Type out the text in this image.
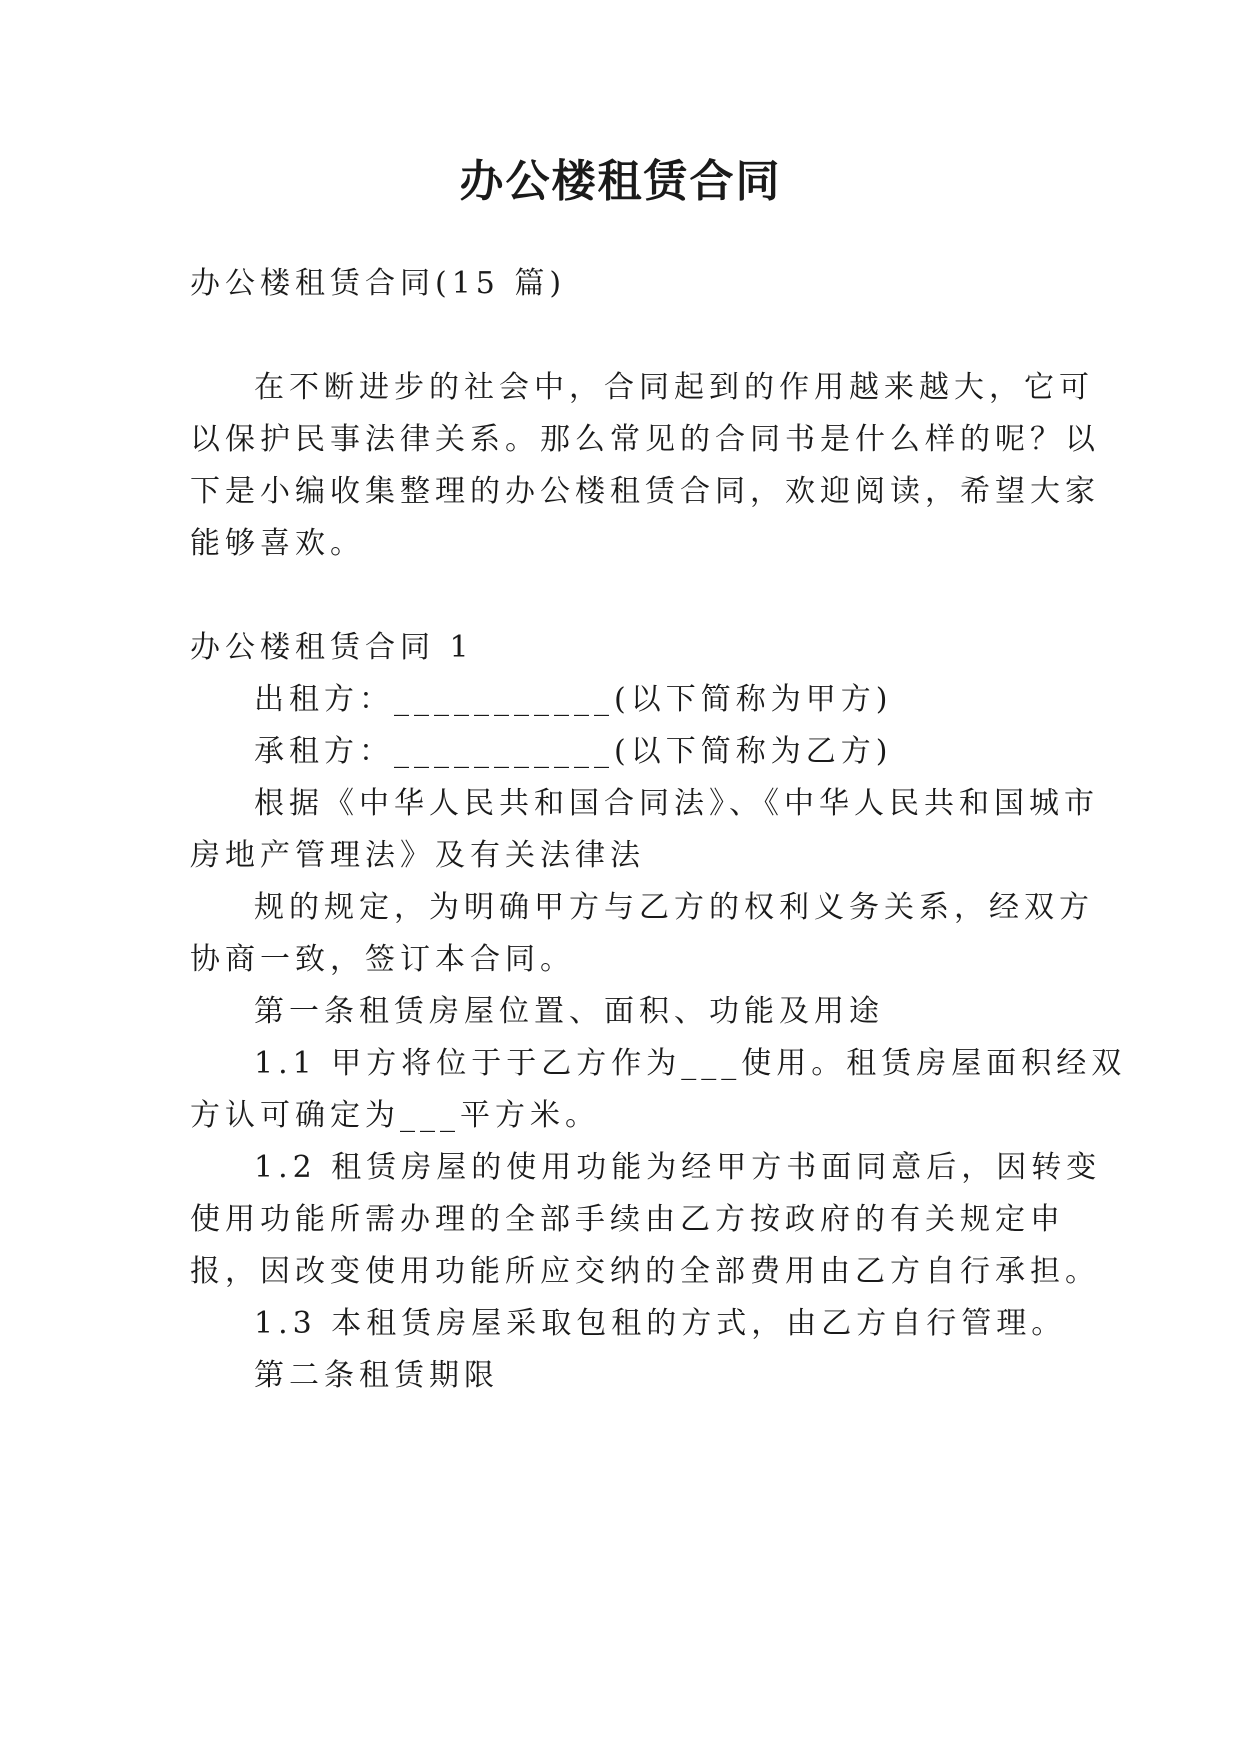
办公楼租赁合同
办公楼租赁合同(15 篇)
在不断进步的社会中，合同起到的作用越来越大，它可
以保护民事法律关系。那么常见的合同书是什么样的呢？以
下是小编收集整理的办公楼租赁合同，欢迎阅读，希望大家
能够喜欢。
办公楼租赁合同 1
出租方：___________(以下简称为甲方)
承租方：___________(以下简称为乙方)
根据《中华人民共和国合同法》、《中华人民共和国城市
房地产管理法》及有关法律法
规的规定，为明确甲方与乙方的权利义务关系，经双方
协商一致，签订本合同。
第一条租赁房屋位置、面积、功能及用途
1.1 甲方将位于于乙方作为___使用。租赁房屋面积经双
方认可确定为___平方米。
1.2 租赁房屋的使用功能为经甲方书面同意后，因转变
使用功能所需办理的全部手续由乙方按政府的有关规定申
报，因改变使用功能所应交纳的全部费用由乙方自行承担。
1.3 本租赁房屋采取包租的方式，由乙方自行管理。
第二条租赁期限
